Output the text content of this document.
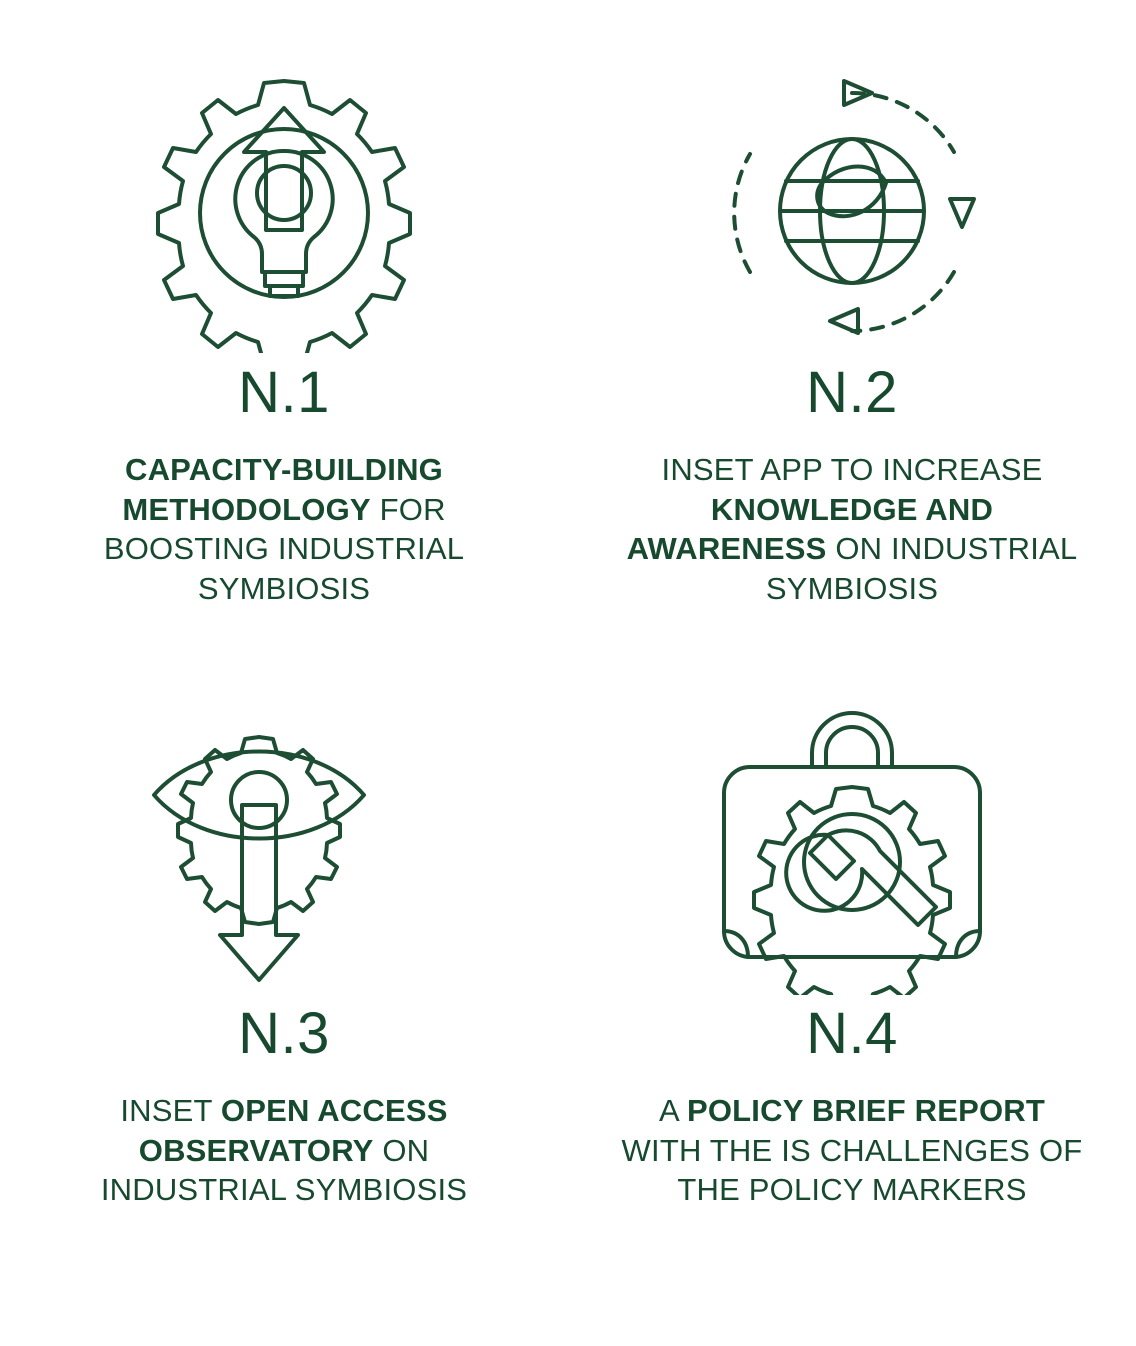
N.1
CAPACITY-BUILDING METHODOLOGY FOR BOOSTING INDUSTRIAL SYMBIOSIS
N.2
INSET APP TO INCREASE KNOWLEDGE AND AWARENESS ON INDUSTRIAL SYMBIOSIS
N.3
INSET OPEN ACCESS OBSERVATORY ON INDUSTRIAL SYMBIOSIS
N.4
A POLICY BRIEF REPORT WITH THE IS CHALLENGES OF THE POLICY MARKERS
